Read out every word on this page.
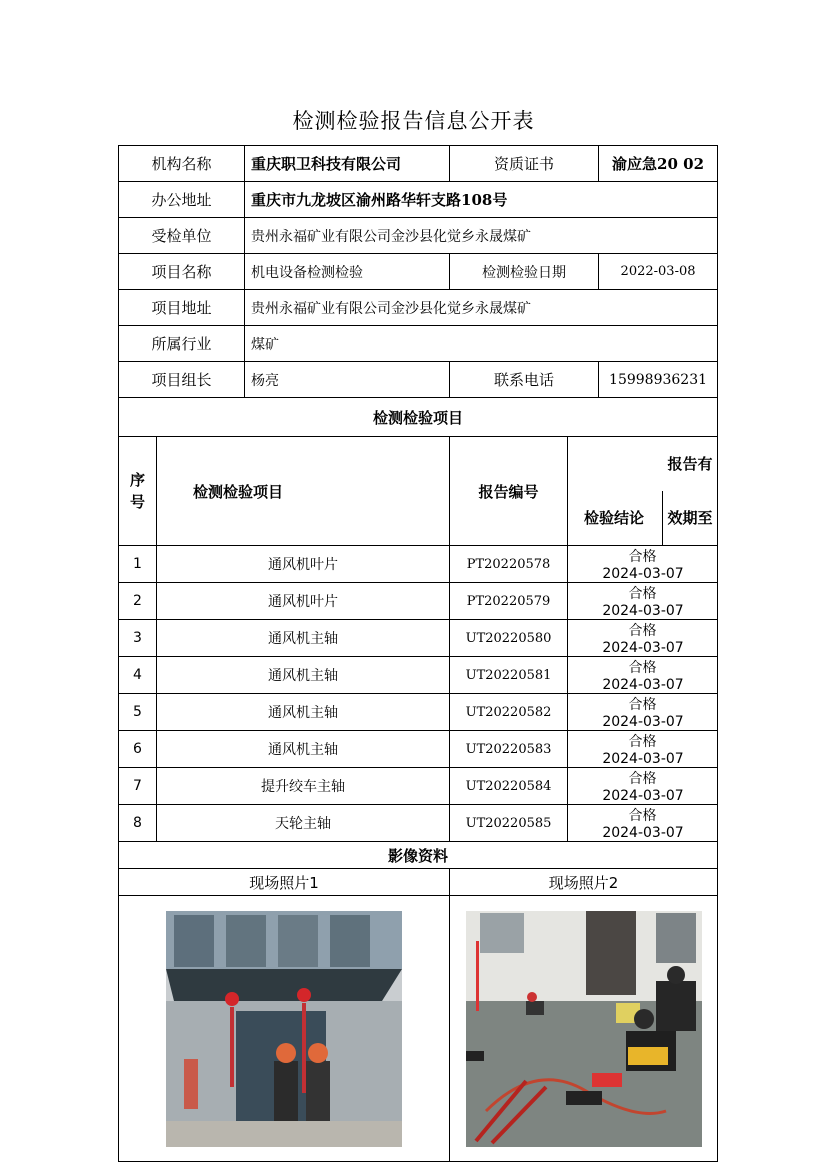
检测检验报告信息公开表
机构名称		重庆职卫科技有限公司	资质证书		渝应急20 02
办公地址		重庆市九龙坡区渝州路华轩支路108号			
受检单位		贵州永福矿业有限公司金沙县化觉乡永晟煤矿			
项目名称		机电设备检测检验	检测检验日期		2022-03-08
项目地址		贵州永福矿业有限公司金沙县化觉乡永晟煤矿			
所属行业		煤矿			
项目组长		杨亮	联系电话		15998936231
检测检验项目					
序号	检测检验项目		报告编号	检验结论报告有效期至	
1	通风机叶片		PT20220578	合格2024-03-07	
2	通风机叶片		PT20220579	合格2024-03-07	
3	通风机主轴		UT20220580	合格2024-03-07	
4	通风机主轴		UT20220581	合格2024-03-07	
5	通风机主轴		UT20220582	合格2024-03-07	
6	通风机主轴		UT20220583	合格2024-03-07	
7	提升绞车主轴		UT20220584	合格2024-03-07	
8	天轮主轴		UT20220585	合格2024-03-07	
影像资料					
现场照片1			现场照片2		
